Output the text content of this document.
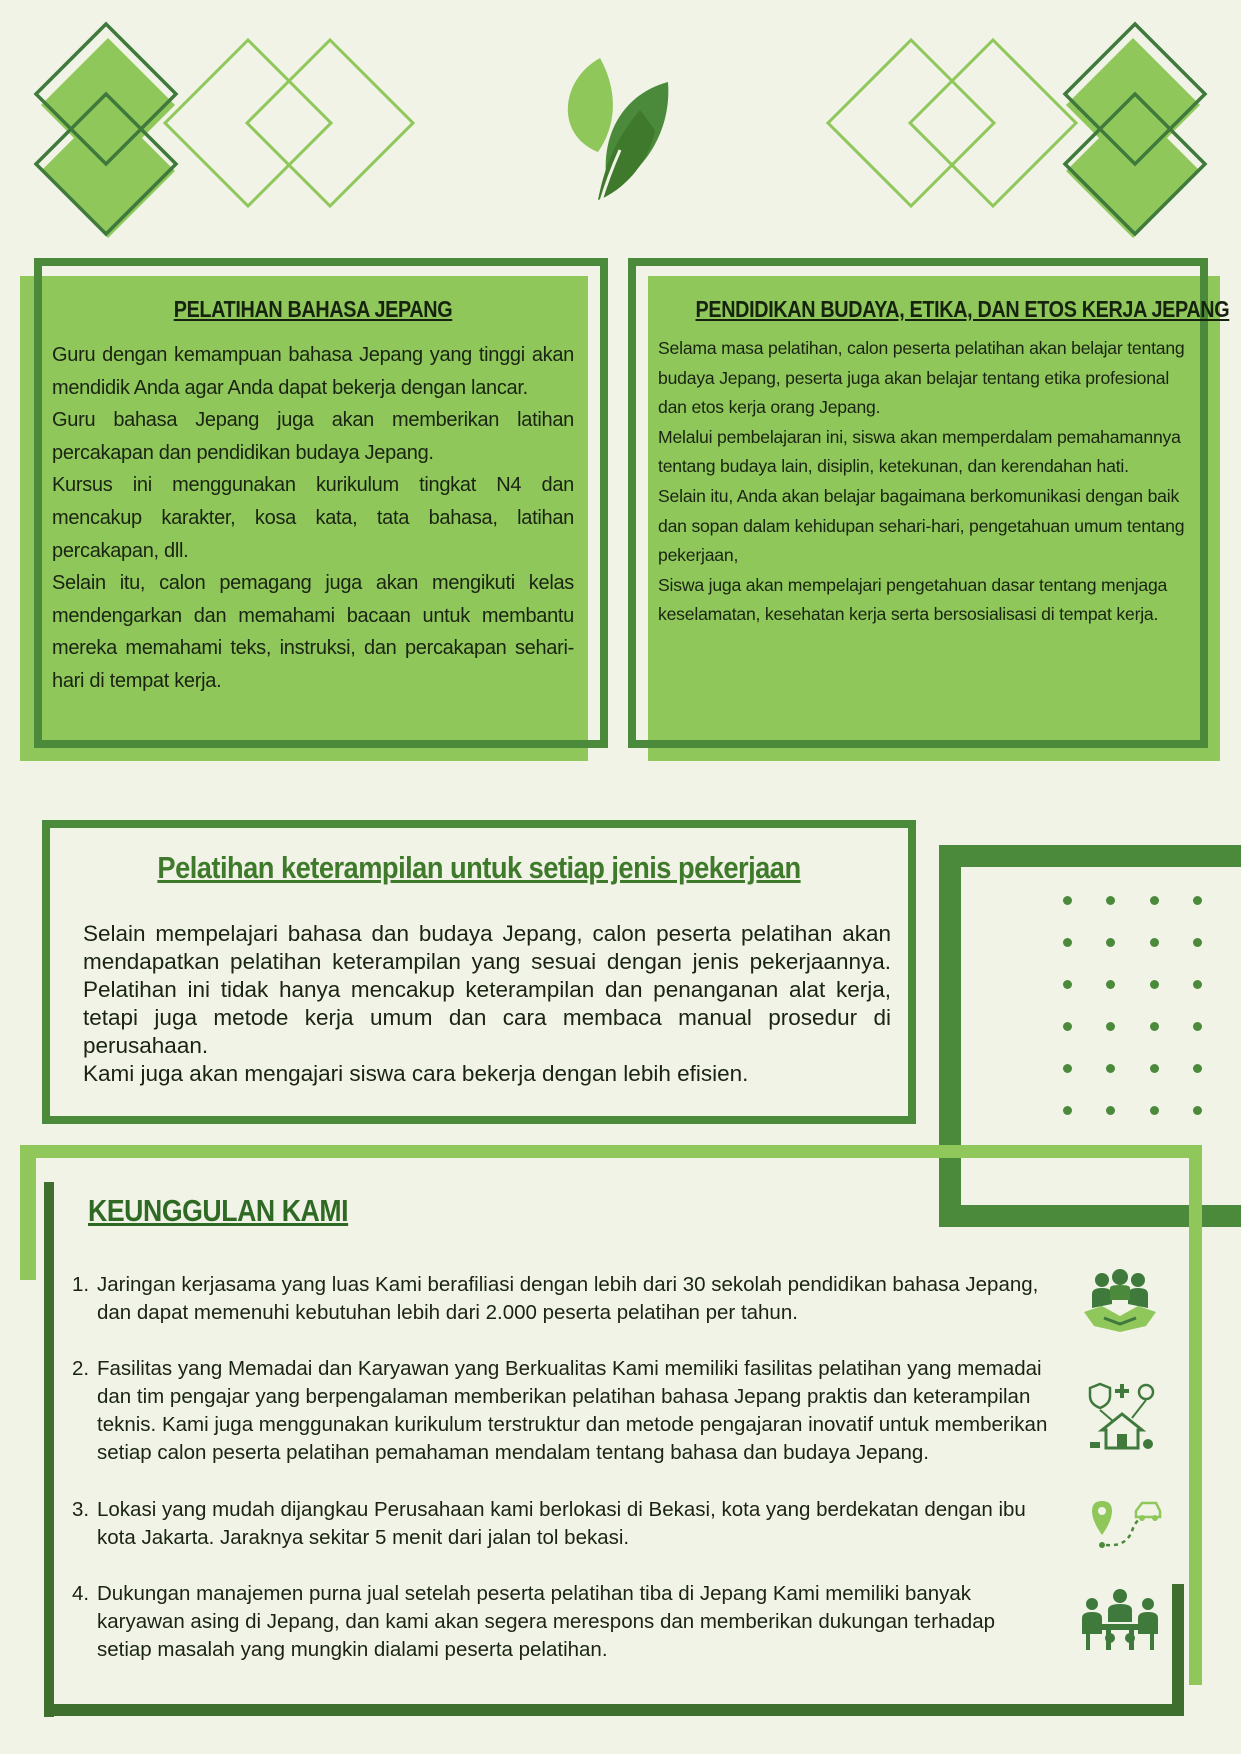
PELATIHAN BAHASA JEPANG

Guru dengan kemampuan bahasa Jepang yang tinggi akan mendidik Anda agar Anda dapat bekerja dengan lancar.

Guru bahasa Jepang juga akan memberikan latihan percakapan dan pendidikan budaya Jepang.

Kursus ini menggunakan kurikulum tingkat N4 dan mencakup karakter, kosa kata, tata bahasa, latihan percakapan, dll.

Selain itu, calon pemagang juga akan mengikuti kelas mendengarkan dan memahami bacaan untuk membantu mereka memahami teks, instruksi, dan percakapan sehari-hari di tempat kerja.

PENDIDIKAN BUDAYA, ETIKA, DAN ETOS KERJA JEPANG

Selama masa pelatihan, calon peserta pelatihan akan belajar tentang budaya Jepang, peserta juga akan belajar tentang etika profesional dan etos kerja orang Jepang.

Melalui pembelajaran ini, siswa akan memperdalam pemahamannya tentang budaya lain, disiplin, ketekunan, dan kerendahan hati.

Selain itu, Anda akan belajar bagaimana berkomunikasi dengan baik dan sopan dalam kehidupan sehari-hari, pengetahuan umum tentang pekerjaan,

Siswa juga akan mempelajari pengetahuan dasar tentang menjaga keselamatan, kesehatan kerja serta bersosialisasi di tempat kerja.

Pelatihan keterampilan untuk setiap jenis pekerjaan

Selain mempelajari bahasa dan budaya Jepang, calon peserta pelatihan akan mendapatkan pelatihan keterampilan yang sesuai dengan jenis pekerjaannya. Pelatihan ini tidak hanya mencakup keterampilan dan penanganan alat kerja, tetapi juga metode kerja umum dan cara membaca manual prosedur di perusahaan.

Kami juga akan mengajari siswa cara bekerja dengan lebih efisien.

KEUNGGULAN KAMI
1. Jaringan kerjasama yang luas Kami berafiliasi dengan lebih dari 30 sekolah pendidikan bahasa Jepang, dan dapat memenuhi kebutuhan lebih dari 2.000 peserta pelatihan per tahun.
2. Fasilitas yang Memadai dan Karyawan yang Berkualitas Kami memiliki fasilitas pelatihan yang memadai dan tim pengajar yang berpengalaman memberikan pelatihan bahasa Jepang praktis dan keterampilan teknis. Kami juga menggunakan kurikulum terstruktur dan metode pengajaran inovatif untuk memberikan setiap calon peserta pelatihan pemahaman mendalam tentang bahasa dan budaya Jepang.
3. Lokasi yang mudah dijangkau Perusahaan kami berlokasi di Bekasi, kota yang berdekatan dengan ibu kota Jakarta. Jaraknya sekitar 5 menit dari jalan tol bekasi.
4. Dukungan manajemen purna jual setelah peserta pelatihan tiba di Jepang Kami memiliki banyak karyawan asing di Jepang, dan kami akan segera merespons dan memberikan dukungan terhadap setiap masalah yang mungkin dialami peserta pelatihan.
